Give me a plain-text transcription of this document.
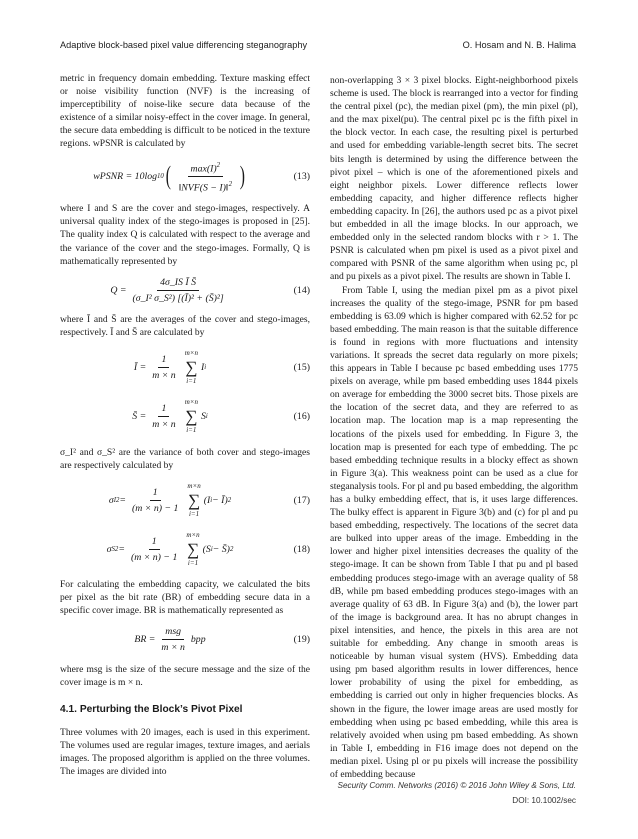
Adaptive block-based pixel value differencing steganography	O. Hosam and N. B. Halima

metric in frequency domain embedding. Texture masking effect or noise visibility function (NVF) is the increasing of imperceptibility of noise-like secure data because of the existence of a similar noisy-effect in the cover image. In general, the secure data embedding is difficult to be noticed in the texture regions. wPSNR is calculated by

wPSNR = 10log 10 ( $\frac{\max(I)^2}{‖NVF(S - I)‖^2}$ )	(13)

where I and S are the cover and stego-images, respectively. A universal quality index of the stego-images is proposed in [25]. The quality index Q is calculated with respect to the average and the variance of the cover and the stego-images. Formally, Q is mathematically represented by

$Q = \frac{\text{4σ\_IS Ī S̄}}{\text{(σ\_I² σ\_S²) [(Ī)² + (S̄)²]}}$	(14)

where Ī and S̄ are the averages of the cover and stego-images, respectively. Ī and S̄ are calculated by

Ī = $\frac{1}{m \times n} m\times n$
∑
i=1
I i	(15)
S̄ = $\frac{1}{m \times n} m\times n$
∑
i=1
S i	(16)

σ_I² and σ_S² are the variance of both cover and stego-images are respectively calculated by

σ I $2 = \frac{1}{(m \times n) - 1} m\times n$
∑
i=1
(I i − Ī) 2	(17)
σ S $2 = \frac{1}{(m \times n) - 1} m\times n$
∑
i=1
(S i − S̄) 2	(18)

For calculating the embedding capacity, we calculated the bits per pixel as the bit rate (BR) of embedding secure data in a specific cover image. BR is mathematically represented as

BR = $\frac{\text{msg}}{m \times n}$ bpp	(19)

where msg is the size of the secure message and the size of the cover image is m × n.

4.1. Perturbing the Block’s Pivot Pixel

Three volumes with 20 images, each is used in this experiment. The volumes used are regular images, texture images, and aerials images. The proposed algorithm is applied on the three volumes. The images are divided into

non-overlapping 3 × 3 pixel blocks. Eight-neighborhood pixels scheme is used. The block is rearranged into a vector for finding the central pixel (pc), the median pixel (pm), the min pixel (pl), and the max pixel(pu). The central pixel pc is the fifth pixel in the block vector. In each case, the resulting pixel is perturbed and used for embedding variable-length secret bits. The secret bits length is determined by using the difference between the pivot pixel – which is one of the aforementioned pixels and eight neighbor pixels. Lower difference reflects lower embedding capacity, and higher difference reflects higher embedding capacity. In [26], the authors used pc as a pivot pixel but embedded in all the image blocks. In our approach, we embedded only in the selected random blocks with r > 1. The PSNR is calculated when pm pixel is used as a pivot pixel and compared with PSNR of the same algorithm when using pc, pl and pu pixels as a pivot pixel. The results are shown in Table I.

From Table I, using the median pixel pm as a pivot pixel increases the quality of the stego-image, PSNR for pm based embedding is 63.09 which is higher compared with 62.52 for pc based embedding. The main reason is that the suitable difference is found in regions with more fluctuations and intensity variations. It spreads the secret data regularly on more pixels; this appears in Table I because pc based embedding uses 1775 pixels on average, while pm based embedding uses 1844 pixels on average for embedding the 3000 secret bits. Those pixels are the location of the secret data, and they are referred to as location map. The location map is a map representing the locations of the pixels used for embedding. In Figure 3, the location map is presented for each type of embedding. The pc based embedding technique results in a blocky effect as shown in Figure 3(a). This weakness point can be used as a clue for steganalysis tools. For pl and pu based embedding, the algorithm has a bulky embedding effect, that is, it uses large differences. The bulky effect is apparent in Figure 3(b) and (c) for pl and pu based embedding, respectively. The locations of the secret data are bulked into upper areas of the image. Embedding in the lower and higher pixel intensities decreases the quality of the stego-image. It can be shown from Table I that pu and pl based embedding produces stego-image with an average quality of 58 dB, while pm based embedding produces stego-images with an average quality of 63 dB. In Figure 3(a) and (b), the lower part of the image is background area. It has no abrupt changes in pixel intensities, and hence, the pixels in this area are not suitable for embedding. Any change in smooth areas is noticeable by human visual system (HVS). Embedding data using pm based algorithm results in lower differences, hence lower probability of using the pixel for embedding, as embedding is carried out only in higher frequencies blocks. As shown in the figure, the lower image areas are used mostly for embedding when using pc based embedding, while this area is relatively avoided when using pm based embedding. As shown in Table I, embedding in F16 image does not depend on the median pixel. Using pl or pu pixels will increase the possibility of embedding because

Security Comm. Networks (2016) © 2016 John Wiley & Sons, Ltd.
DOI: 10.1002/sec
